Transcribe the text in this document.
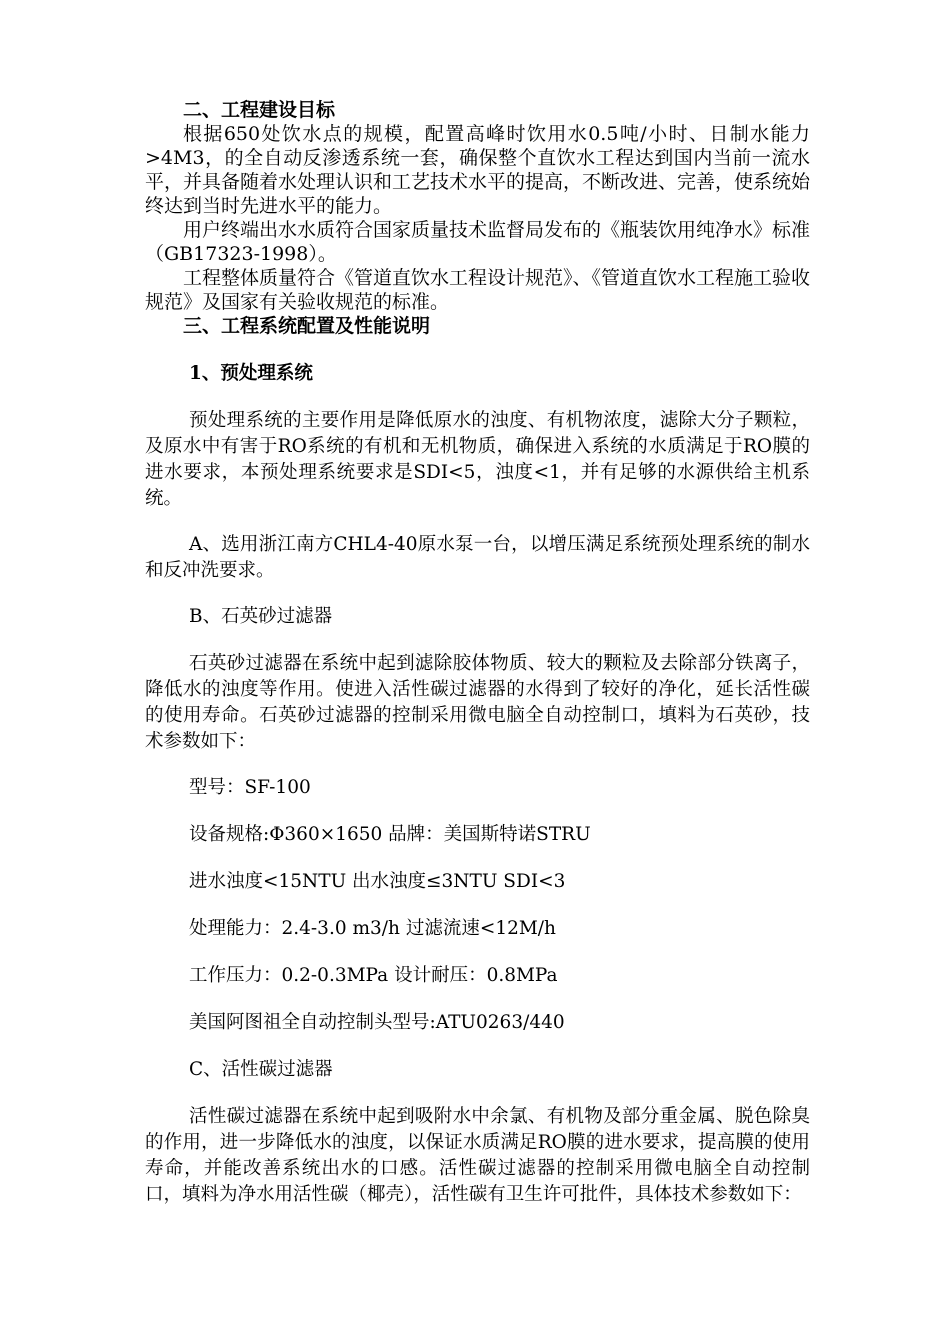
二、工程建设目标

根据650处饮水点的规模，配置高峰时饮用水0.5吨/小时、日制水能力>4M3，的全自动反渗透系统一套，确保整个直饮水工程达到国内当前一流水平，并具备随着水处理认识和工艺技术水平的提高，不断改进、完善，使系统始终达到当时先进水平的能力。

用户终端出水水质符合国家质量技术监督局发布的《瓶装饮用纯净水》标准（GB17323-1998）。

工程整体质量符合《管道直饮水工程设计规范》、《管道直饮水工程施工验收规范》及国家有关验收规范的标准。

三、工程系统配置及性能说明

1、预处理系统

预处理系统的主要作用是降低原水的浊度、有机物浓度，滤除大分子颗粒，及原水中有害于RO系统的有机和无机物质，确保进入系统的水质满足于RO膜的进水要求，本预处理系统要求是SDI<5，浊度<1，并有足够的水源供给主机系统。

A、选用浙江南方CHL4-40原水泵一台，以增压满足系统预处理系统的制水和反冲洗要求。

B、石英砂过滤器

石英砂过滤器在系统中起到滤除胶体物质、较大的颗粒及去除部分铁离子，降低水的浊度等作用。使进入活性碳过滤器的水得到了较好的净化，延长活性碳的使用寿命。石英砂过滤器的控制采用微电脑全自动控制口，填料为石英砂，技术参数如下：

型号：SF-100

设备规格:Φ360×1650 品牌：美国斯特诺STRU

进水浊度<15NTU 出水浊度≤3NTU SDI<3

处理能力：2.4-3.0 m3/h 过滤流速<12M/h

工作压力：0.2-0.3MPa 设计耐压：0.8MPa

美国阿图祖全自动控制头型号:ATU0263/440

C、活性碳过滤器

活性碳过滤器在系统中起到吸附水中余氯、有机物及部分重金属、脱色除臭的作用，进一步降低水的浊度，以保证水质满足RO膜的进水要求，提高膜的使用寿命，并能改善系统出水的口感。活性碳过滤器的控制采用微电脑全自动控制口，填料为净水用活性碳（椰壳），活性碳有卫生许可批件，具体技术参数如下：
